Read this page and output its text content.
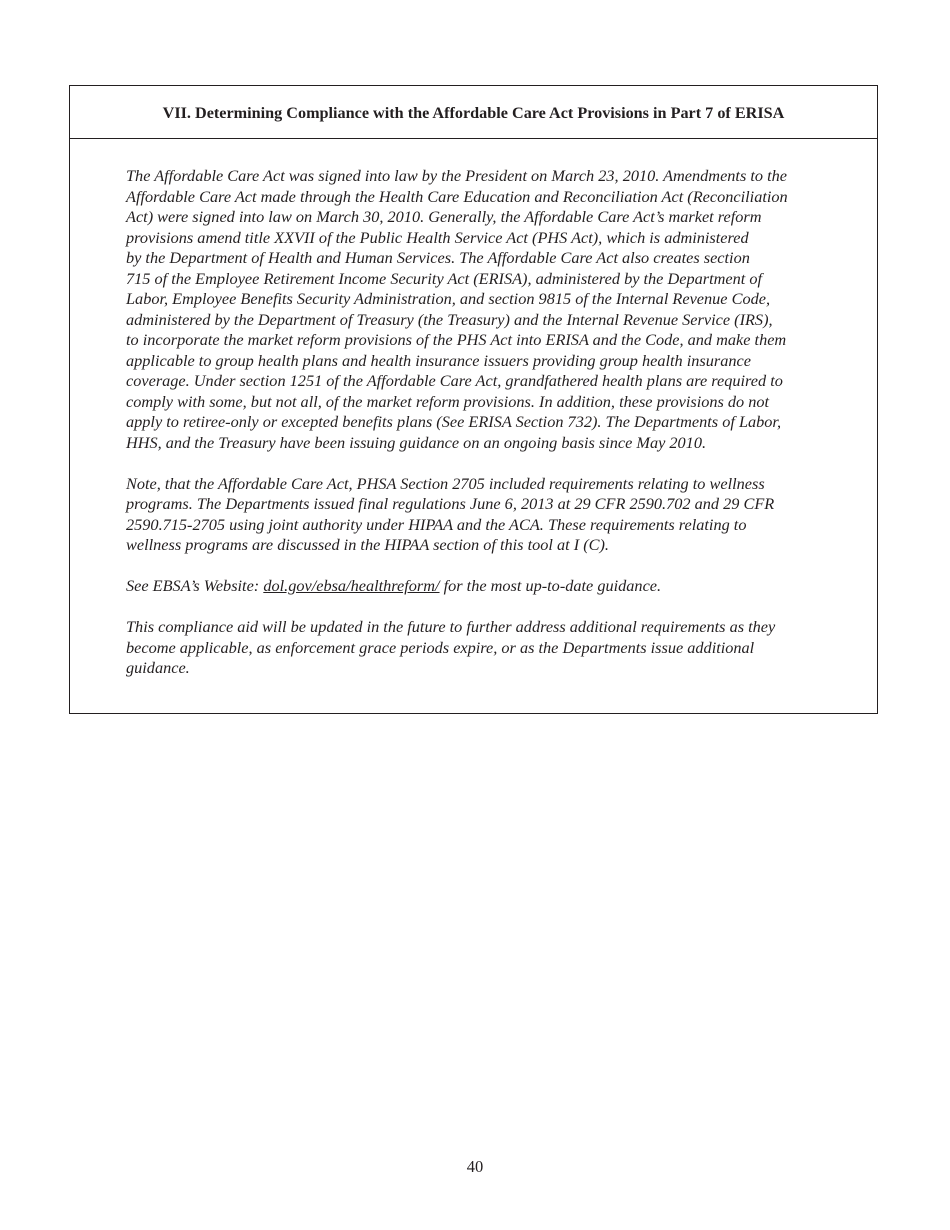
VII. Determining Compliance with the Affordable Care Act Provisions in Part 7 of ERISA

The Affordable Care Act was signed into law by the President on March 23, 2010. Amendments to the
Affordable Care Act made through the Health Care Education and Reconciliation Act (Reconciliation
Act) were signed into law on March 30, 2010. Generally, the Affordable Care Act’s market reform
provisions amend title XXVII of the Public Health Service Act (PHS Act), which is administered
by the Department of Health and Human Services. The Affordable Care Act also creates section
715 of the Employee Retirement Income Security Act (ERISA), administered by the Department of
Labor, Employee Benefits Security Administration, and section 9815 of the Internal Revenue Code,
administered by the Department of Treasury (the Treasury) and the Internal Revenue Service (IRS),
to incorporate the market reform provisions of the PHS Act into ERISA and the Code, and make them
applicable to group health plans and health insurance issuers providing group health insurance
coverage. Under section 1251 of the Affordable Care Act, grandfathered health plans are required to
comply with some, but not all, of the market reform provisions. In addition, these provisions do not
apply to retiree-only or excepted benefits plans (See ERISA Section 732). The Departments of Labor,
HHS, and the Treasury have been issuing guidance on an ongoing basis since May 2010.

Note, that the Affordable Care Act, PHSA Section 2705 included requirements relating to wellness
programs. The Departments issued final regulations June 6, 2013 at 29 CFR 2590.702 and 29 CFR
2590.715-2705 using joint authority under HIPAA and the ACA. These requirements relating to
wellness programs are discussed in the HIPAA section of this tool at I (C).

See EBSA’s Website: dol.gov/ebsa/healthreform/ for the most up-to-date guidance.

This compliance aid will be updated in the future to further address additional requirements as they
become applicable, as enforcement grace periods expire, or as the Departments issue additional
guidance.

40
